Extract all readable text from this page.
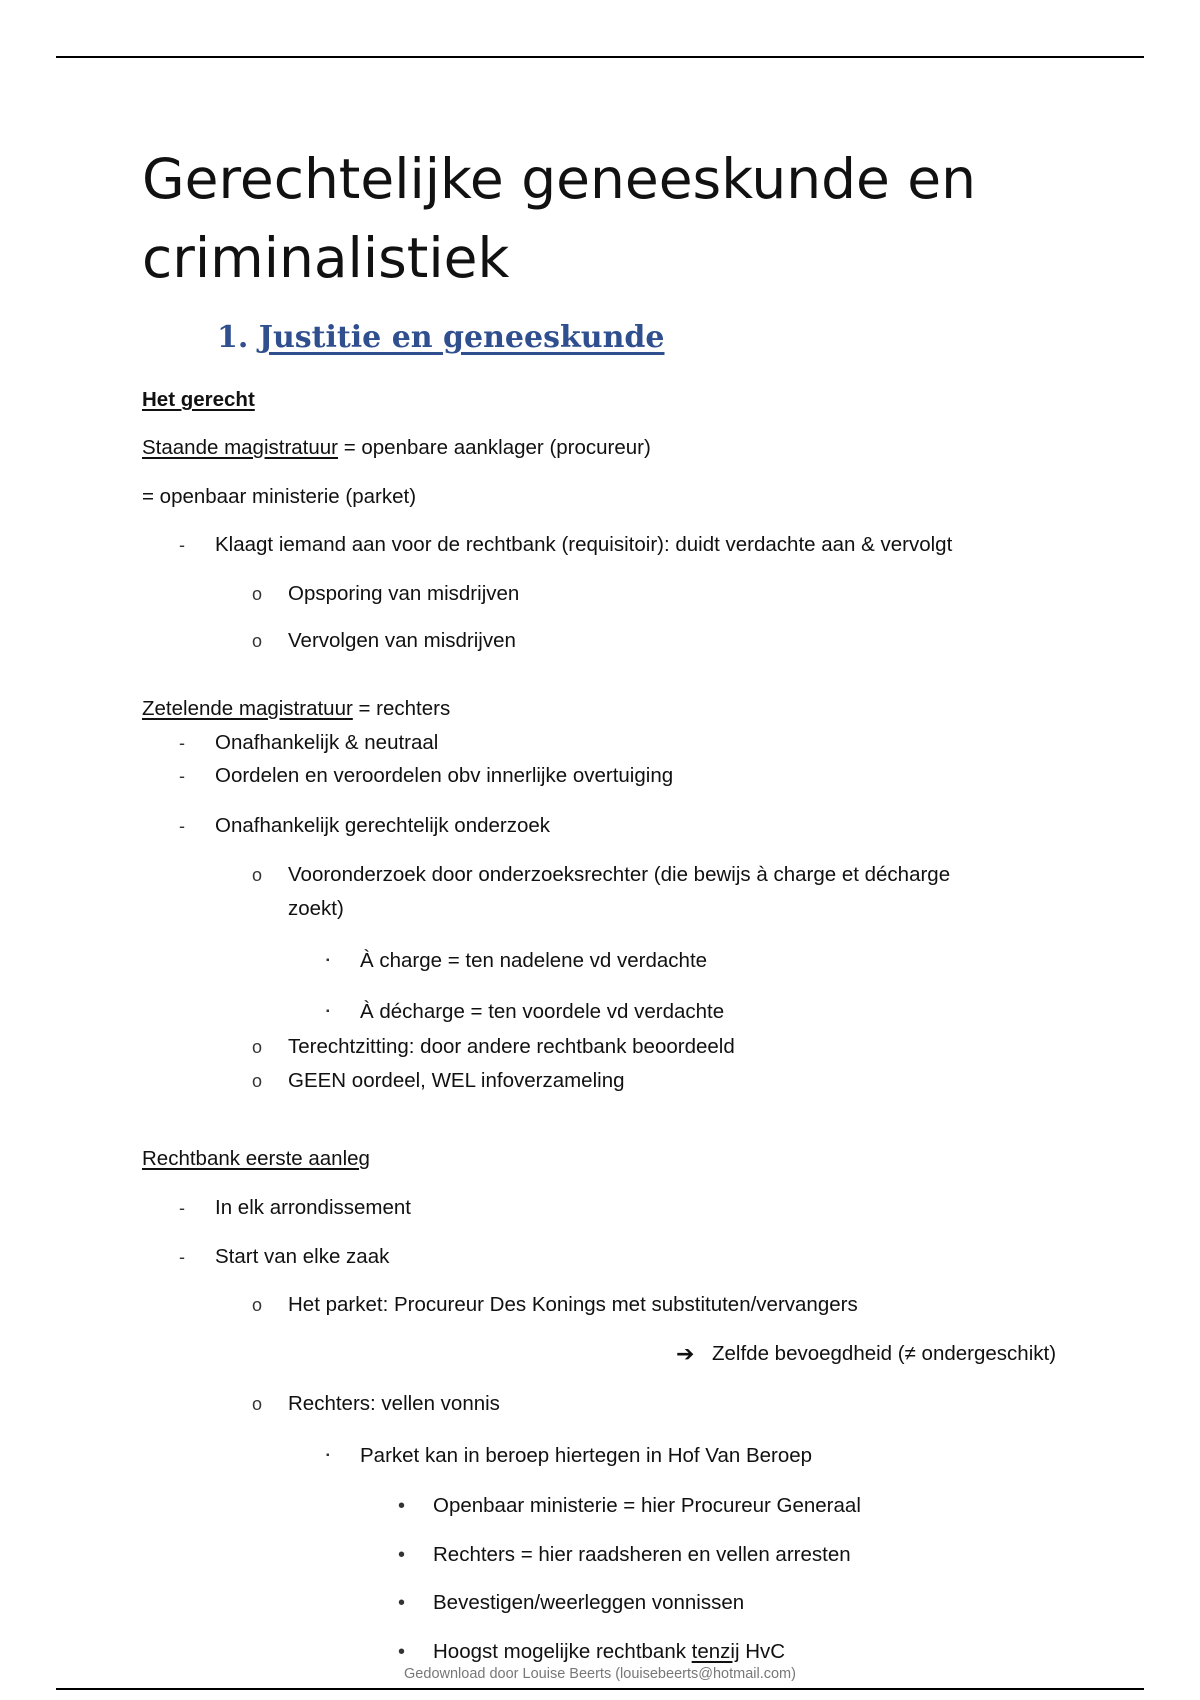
Gerechtelijke geneeskunde en criminalistiek
1. Justitie en geneeskunde
Het gerecht
Staande magistratuur = openbare aanklager (procureur)
= openbaar ministerie (parket)
- Klaagt iemand aan voor de rechtbank (requisitoir): duidt verdachte aan & vervolgt
o Opsporing van misdrijven
o Vervolgen van misdrijven
Zetelende magistratuur = rechters
- Onafhankelijk & neutraal
- Oordelen en veroordelen obv innerlijke overtuiging
- Onafhankelijk gerechtelijk onderzoek
o Vooronderzoek door onderzoeksrechter (die bewijs à charge et décharge
zoekt)
▪ À charge = ten nadelene vd verdachte
▪ À décharge = ten voordele vd verdachte
o Terechtzitting: door andere rechtbank beoordeeld
o GEEN oordeel, WEL infoverzameling
Rechtbank eerste aanleg
- In elk arrondissement
- Start van elke zaak
o Het parket: Procureur Des Konings met substituten/vervangers
➔ Zelfde bevoegdheid (≠ ondergeschikt)
o Rechters: vellen vonnis
▪ Parket kan in beroep hiertegen in Hof Van Beroep
• Openbaar ministerie = hier Procureur Generaal
• Rechters = hier raadsheren en vellen arresten
• Bevestigen/weerleggen vonnissen
• Hoogst mogelijke rechtbank tenzij HvC
Gedownload door Louise Beerts (louisebeerts@hotmail.com)
